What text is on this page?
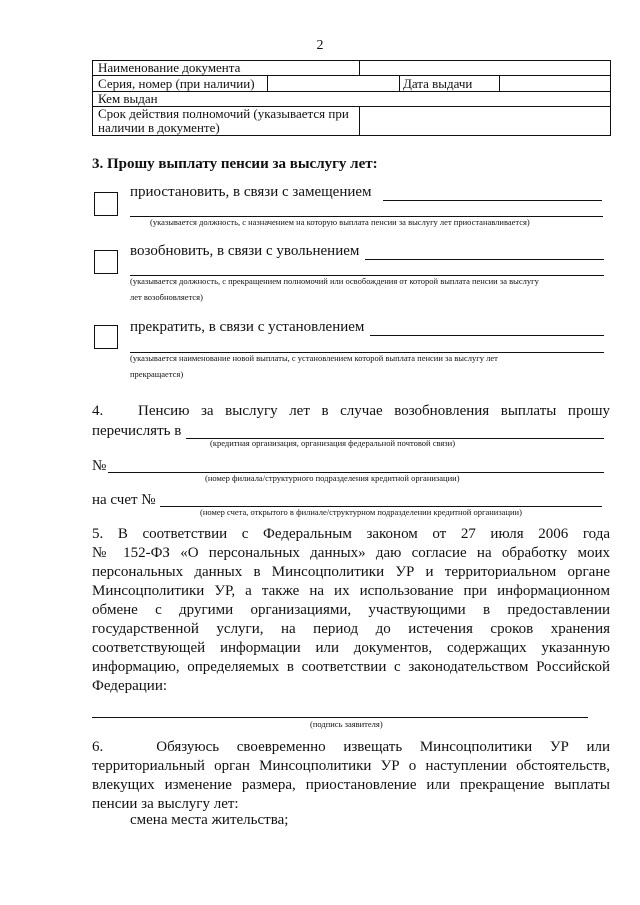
2
Наименование документа
Серия, номер (при наличии)	Дата выдачи
Кем выдан
Срок действия полномочий (указывается при
наличии в документе)
3. Прошу выплату пенсии за выслугу лет:
приостановить, в связи с замещением
(указывается должность, с назначением на которую выплата пенсии за выслугу лет приостанавливается)
возобновить, в связи с увольнением
(указывается должность, с прекращением полномочий или освобождения от которой выплата пенсии за выслугу
лет возобновляется)
прекратить, в связи с установлением
(указывается наименование новой выплаты, с установлением которой выплата пенсии за выслугу лет
прекращается)
4.   Пенсию за выслугу лет в случае возобновления выплаты прошу
перечислять в
(кредитная организация, организация федеральной почтовой связи)
№
(номер филиала/структурного подразделения кредитной организации)
на счет №
(номер счета, открытого в филиале/структурном подразделении кредитной организации)
5. В соответствии с Федеральным законом от 27 июля 2006 года
№ 152-ФЗ «О персональных данных» даю согласие на обработку моих
персональных данных в Минсоцполитики УР и территориальном органе
Минсоцполитики УР, а также на их использование при информационном
обмене с другими организациями, участвующими в предоставлении
государственной услуги, на период до истечения сроков хранения
соответствующей информации или документов, содержащих указанную
информацию, определяемых в соответствии с законодательством Российской
Федерации:
(подпись заявителя)
6.   Обязуюсь своевременно извещать Минсоцполитики УР или
территориальный орган Минсоцполитики УР о наступлении обстоятельств,
влекущих изменение размера, приостановление или прекращение выплаты
пенсии за выслугу лет:
смена места жительства;
